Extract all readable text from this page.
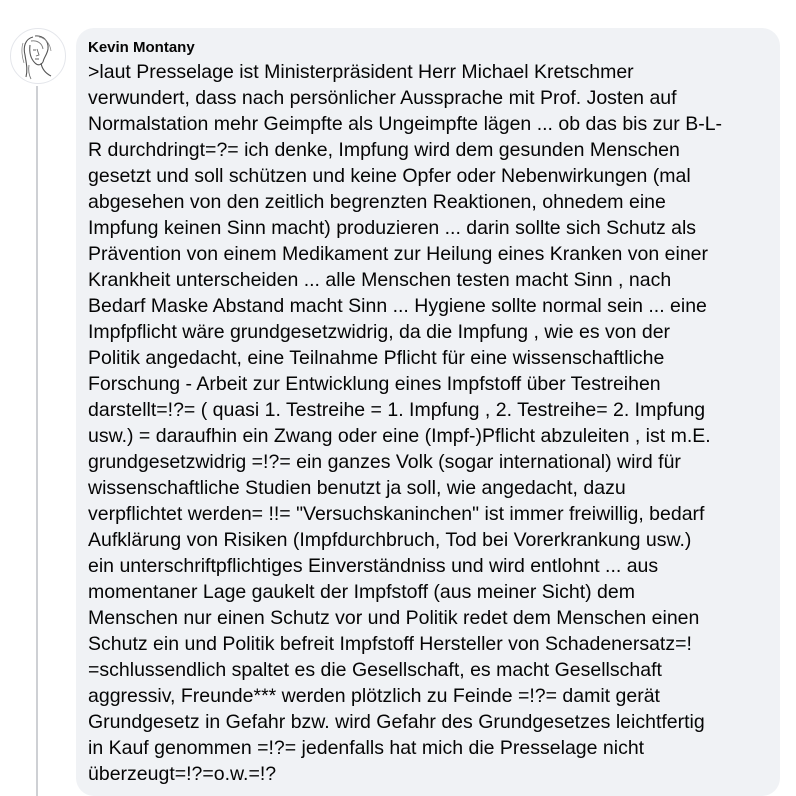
Kevin Montany

>laut Presselage ist Ministerpräsident Herr Michael Kretschmer
verwundert, dass nach persönlicher Aussprache mit Prof. Josten auf
Normalstation mehr Geimpfte als Ungeimpfte lägen ... ob das bis zur B-L-
R durchdringt=?= ich denke, Impfung wird dem gesunden Menschen
gesetzt und soll schützen und keine Opfer oder Nebenwirkungen (mal
abgesehen von den zeitlich begrenzten Reaktionen, ohnedem eine
Impfung keinen Sinn macht) produzieren ... darin sollte sich Schutz als
Prävention von einem Medikament zur Heilung eines Kranken von einer
Krankheit unterscheiden ... alle Menschen testen macht Sinn , nach
Bedarf Maske Abstand macht Sinn ... Hygiene sollte normal sein ... eine
Impfpflicht wäre grundgesetzwidrig, da die Impfung , wie es von der
Politik angedacht, eine Teilnahme Pflicht für eine wissenschaftliche
Forschung - Arbeit zur Entwicklung eines Impfstoff über Testreihen
darstellt=!?= ( quasi 1. Testreihe = 1. Impfung , 2. Testreihe= 2. Impfung
usw.) = daraufhin ein Zwang oder eine (Impf-)Pflicht abzuleiten , ist m.E.
grundgesetzwidrig =!?= ein ganzes Volk (sogar international) wird für
wissenschaftliche Studien benutzt ja soll, wie angedacht, dazu
verpflichtet werden= !!= "Versuchskaninchen" ist immer freiwillig, bedarf
Aufklärung von Risiken (Impfdurchbruch, Tod bei Vorerkrankung usw.)
ein unterschriftpflichtiges Einverständniss und wird entlohnt ... aus
momentaner Lage gaukelt der Impfstoff (aus meiner Sicht) dem
Menschen nur einen Schutz vor und Politik redet dem Menschen einen
Schutz ein und Politik befreit Impfstoff Hersteller von Schadenersatz=!
=schlussendlich spaltet es die Gesellschaft, es macht Gesellschaft
aggressiv, Freunde*** werden plötzlich zu Feinde =!?= damit gerät
Grundgesetz in Gefahr bzw. wird Gefahr des Grundgesetzes leichtfertig
in Kauf genommen =!?= jedenfalls hat mich die Presselage nicht
überzeugt=!?=o.w.=!?
